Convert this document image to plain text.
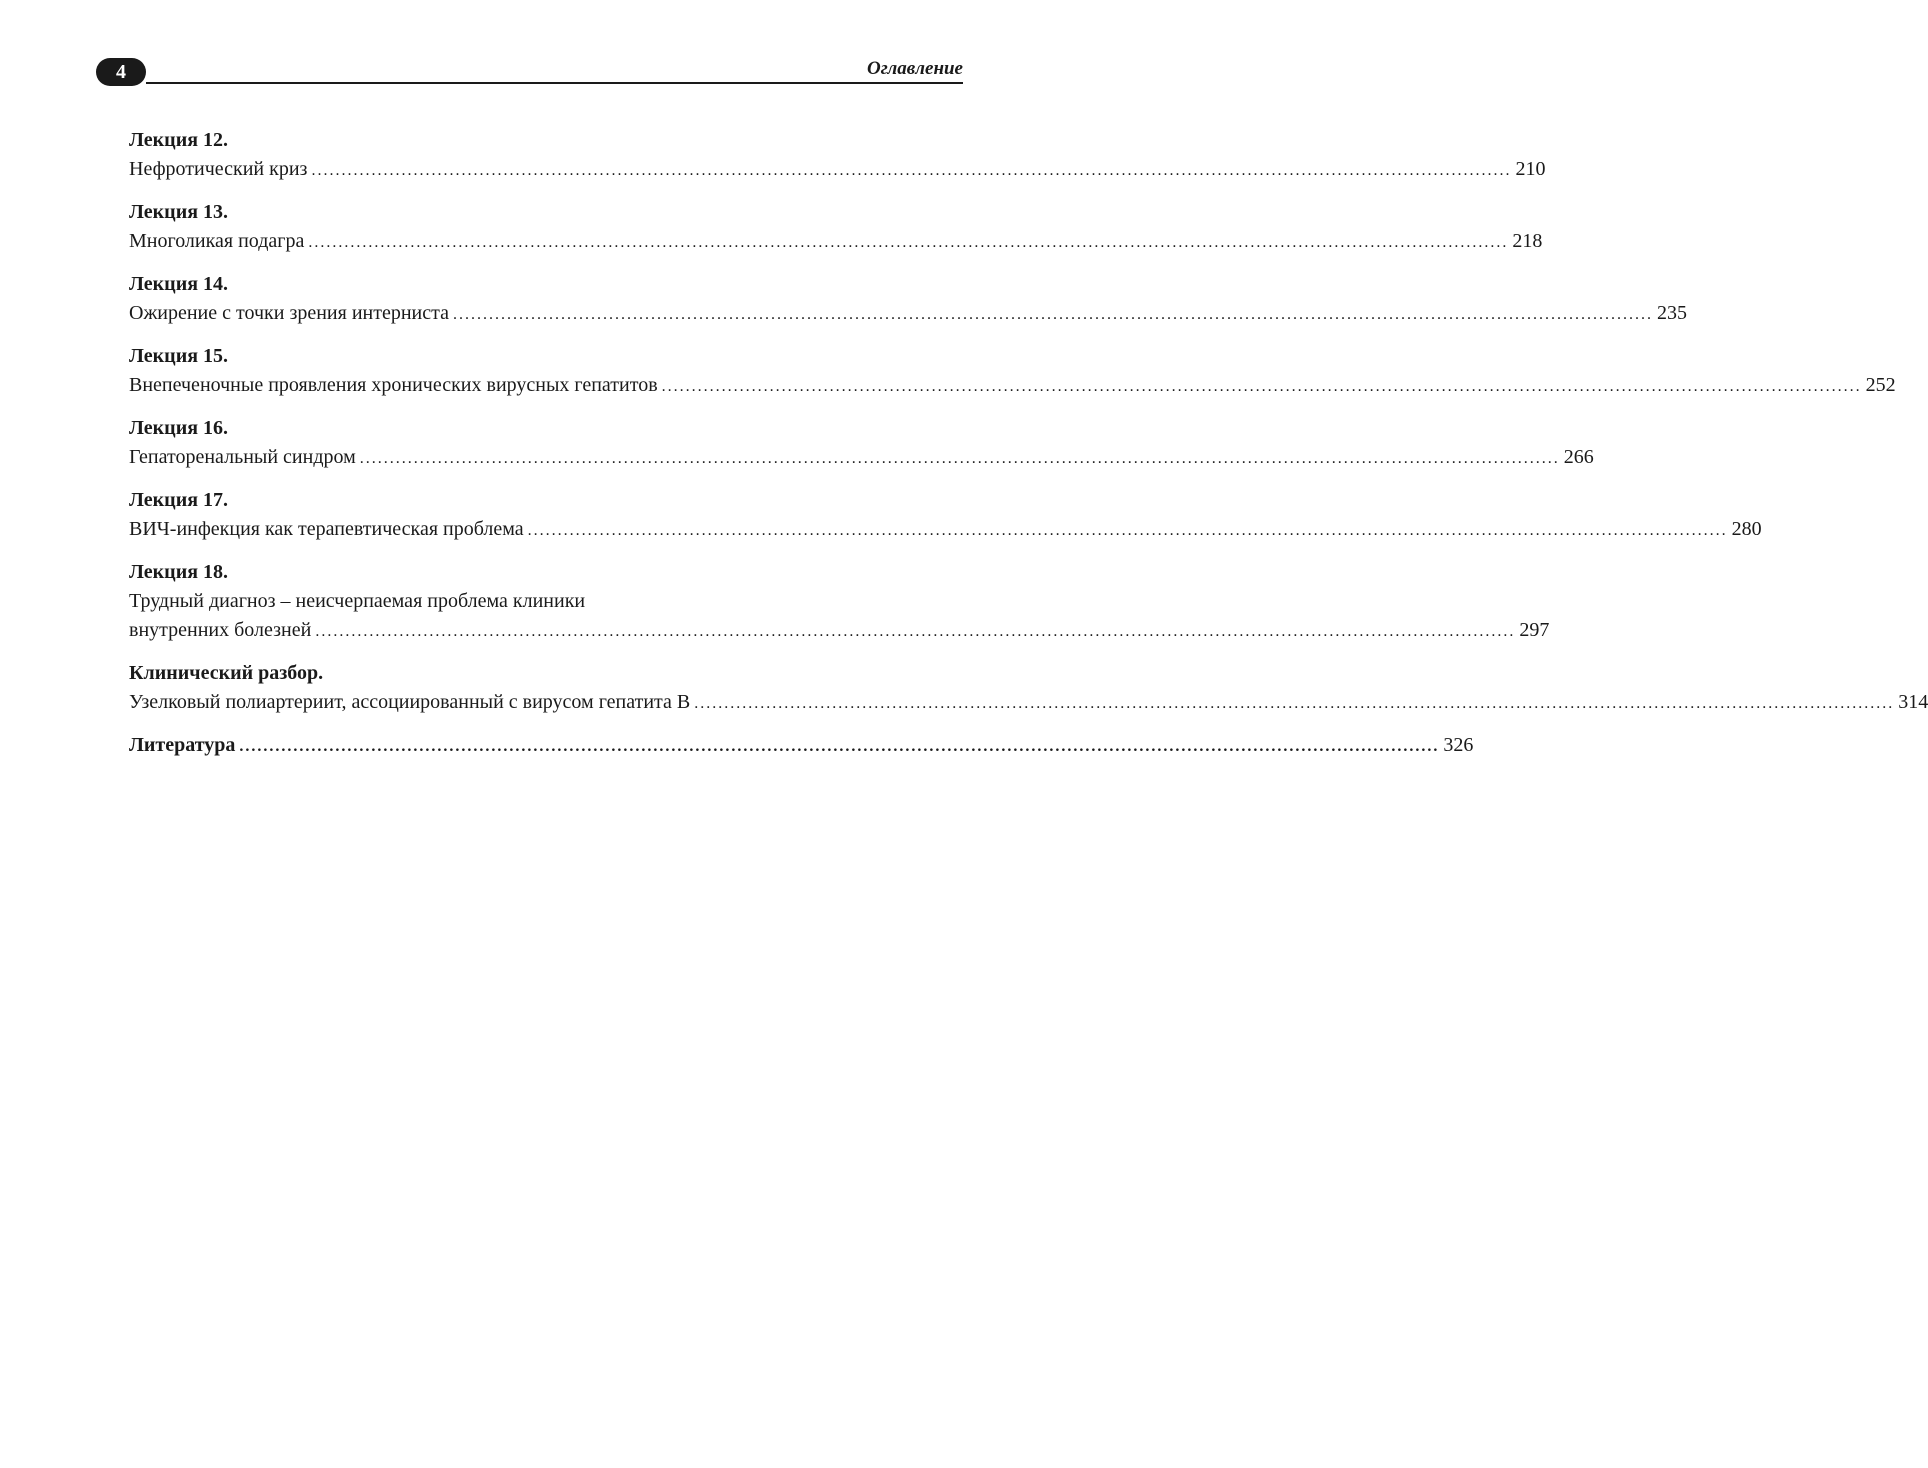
4	Оглавление
Лекция 12.
Нефротический криз ........................................................................................................................................................................................................ 210
Лекция 13.
Многоликая подагра ........................................................................................................................................................................................................ 218
Лекция 14.
Ожирение с точки зрения интерниста ........................................................................................................................................................................................................ 235
Лекция 15.
Внепеченочные проявления хронических вирусных гепатитов ........................................................................................................................................................................................................ 252
Лекция 16.
Гепаторенальный синдром ........................................................................................................................................................................................................ 266
Лекция 17.
ВИЧ-инфекция как терапевтическая проблема ........................................................................................................................................................................................................ 280
Лекция 18.
Трудный диагноз – неисчерпаемая проблема клиники
внутренних болезней ........................................................................................................................................................................................................ 297
Клинический разбор.
Узелковый полиартериит, ассоциированный с вирусом гепатита В ........................................................................................................................................................................................................ 314
Литература ........................................................................................................................................................................................................ 326
